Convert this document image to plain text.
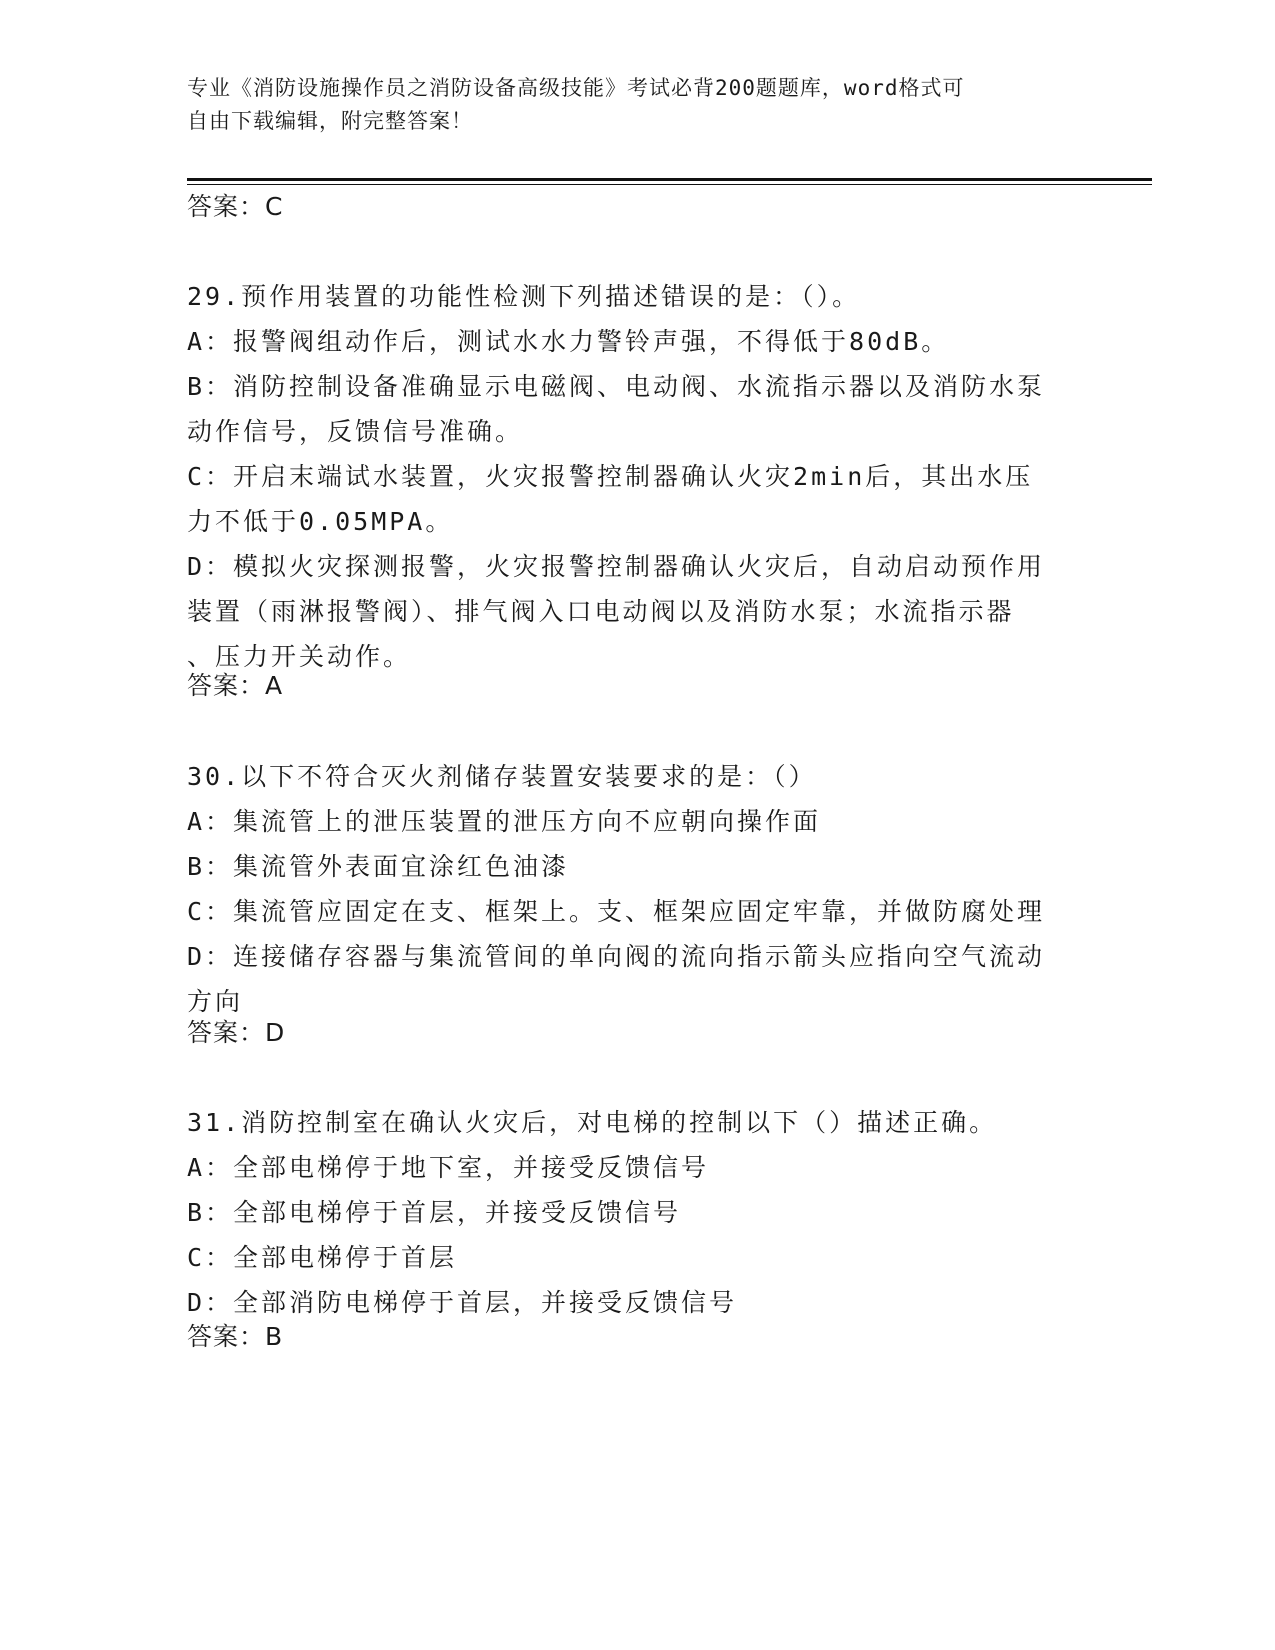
专业《消防设施操作员之消防设备高级技能》考试必背200题题库，word格式可
自由下载编辑，附完整答案！
答案：C
29.预作用装置的功能性检测下列描述错误的是：（）。
A：报警阀组动作后，测试水水力警铃声强，不得低于80dB。
B：消防控制设备准确显示电磁阀、电动阀、水流指示器以及消防水泵
动作信号，反馈信号准确。
C：开启末端试水装置，火灾报警控制器确认火灾2min后，其出水压
力不低于0.05MPA。
D：模拟火灾探测报警，火灾报警控制器确认火灾后，自动启动预作用
装置（雨淋报警阀）、排气阀入口电动阀以及消防水泵；水流指示器
、压力开关动作。
答案：A
30.以下不符合灭火剂储存装置安装要求的是：（）
A：集流管上的泄压装置的泄压方向不应朝向操作面
B：集流管外表面宜涂红色油漆
C：集流管应固定在支、框架上。支、框架应固定牢靠，并做防腐处理
D：连接储存容器与集流管间的单向阀的流向指示箭头应指向空气流动
方向
答案：D
31.消防控制室在确认火灾后，对电梯的控制以下（）描述正确。
A：全部电梯停于地下室，并接受反馈信号
B：全部电梯停于首层，并接受反馈信号
C：全部电梯停于首层
D：全部消防电梯停于首层，并接受反馈信号
答案：B
